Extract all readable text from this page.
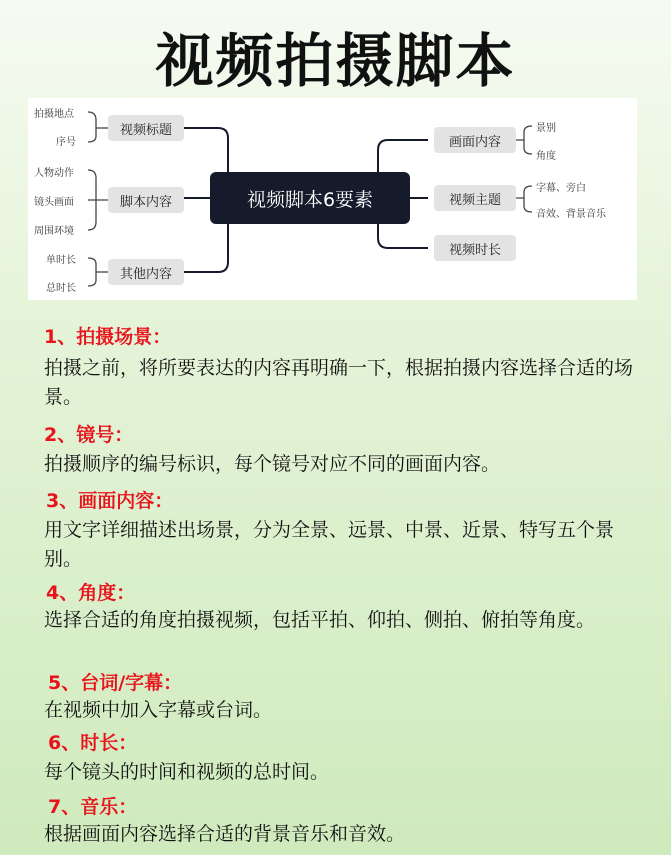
视频拍摄脚本
视频脚本6要素
视频标题
脚本内容
其他内容
拍摄地点
序号
人物动作
镜头画面
周围环境
单时长
总时长
画面内容
视频主题
视频时长
景别
角度
字幕、旁白
音效、背景音乐
1、拍摄场景：
拍摄之前，将所要表达的内容再明确一下，根据拍摄内容选择合适的场景。
2、镜号：
拍摄顺序的编号标识，每个镜号对应不同的画面内容。
3、画面内容：
用文字详细描述出场景，分为全景、远景、中景、近景、特写五个景别。
4、角度：
选择合适的角度拍摄视频，包括平拍、仰拍、侧拍、俯拍等角度。
5、台词/字幕：
在视频中加入字幕或台词。
6、时长：
每个镜头的时间和视频的总时间。
7、音乐：
根据画面内容选择合适的背景音乐和音效。
